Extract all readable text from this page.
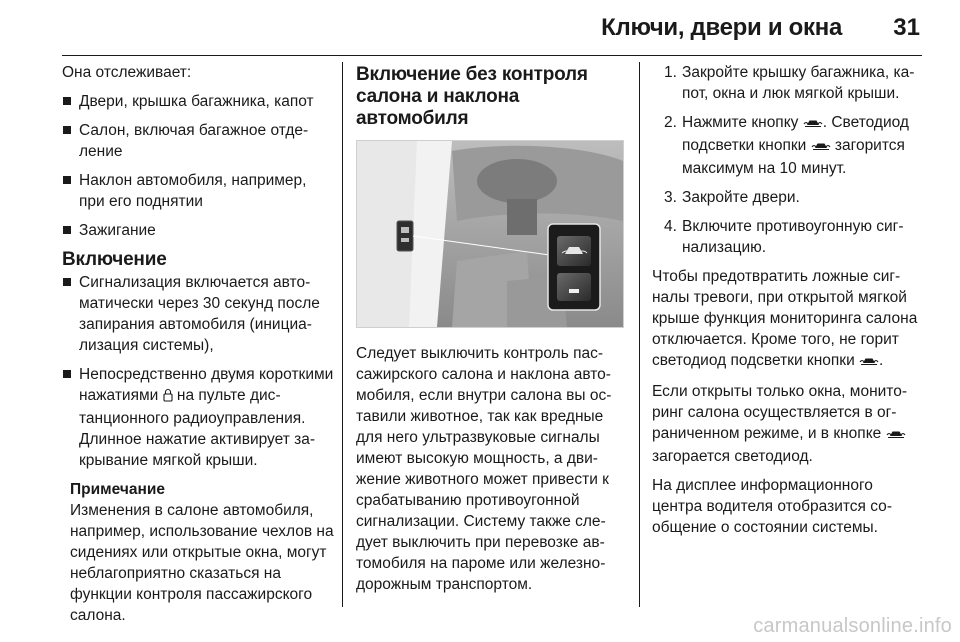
Ключи, двери и окна 31

Она отслеживает:

Двери, крышка багажника, капот
Салон, включая багажное отделение
Наклон автомобиля, например, при его поднятии
Зажигание
Включение
Сигнализация включается автоматически через 30 секунд после запирания автомобиля (инициализация системы),
Непосредственно двумя короткими нажатиями на пульте дистанционного радиоуправления. Длинное нажатие активирует закрывание мягкой крыши.
Примечание
Изменения в салоне автомобиля, например, использование чехлов на сидениях или открытые окна, могут неблагоприятно сказаться на функции контроля пассажирского салона.
Включение без контроля салона и наклона автомобиля

Следует выключить контроль пассажирского салона и наклона автомобиля, если внутри салона вы оставили животное, так как вредные для него ультразвуковые сигналы имеют высокую мощность, а движение животного может привести к срабатыванию противоугонной сигнализации. Систему также следует выключить при перевозке автомобиля на пароме или железнодорожным транспортом.

1. Закройте крышку багажника, капот, окна и люк мягкой крыши.
2. Нажмите кнопку . Светодиод подсветки кнопки загорится максимум на 10 минут.
3. Закройте двери.
4. Включите противоугонную сигнализацию.

Чтобы предотвратить ложные сигналы тревоги, при открытой мягкой крыше функция мониторинга салона отключается. Кроме того, не горит светодиод подсветки кнопки .

Если открыты только окна, мониторинг салона осуществляется в ограниченном режиме, и в кнопке  загорается светодиод.

На дисплее информационного центра водителя отобразится сообщение о состоянии системы.

carmanualsonline.info
